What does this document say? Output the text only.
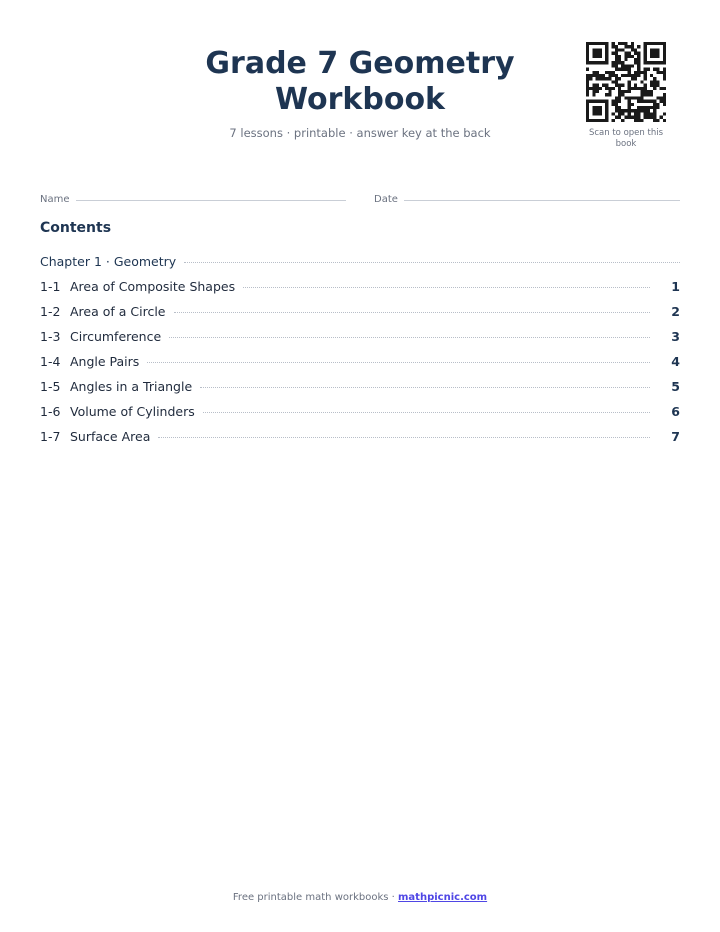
Grade 7 Geometry
Workbook
7 lessons · printable · answer key at the back	Scan to open this book
Name	Date
Contents
Chapter 1 · Geometry
1-1 Area of Composite Shapes	1
1-2 Area of a Circle	2
1-3 Circumference	3
1-4 Angle Pairs	4
1-5 Angles in a Triangle	5
1-6 Volume of Cylinders	6
1-7 Surface Area	7
Free printable math workbooks · mathpicnic.com
